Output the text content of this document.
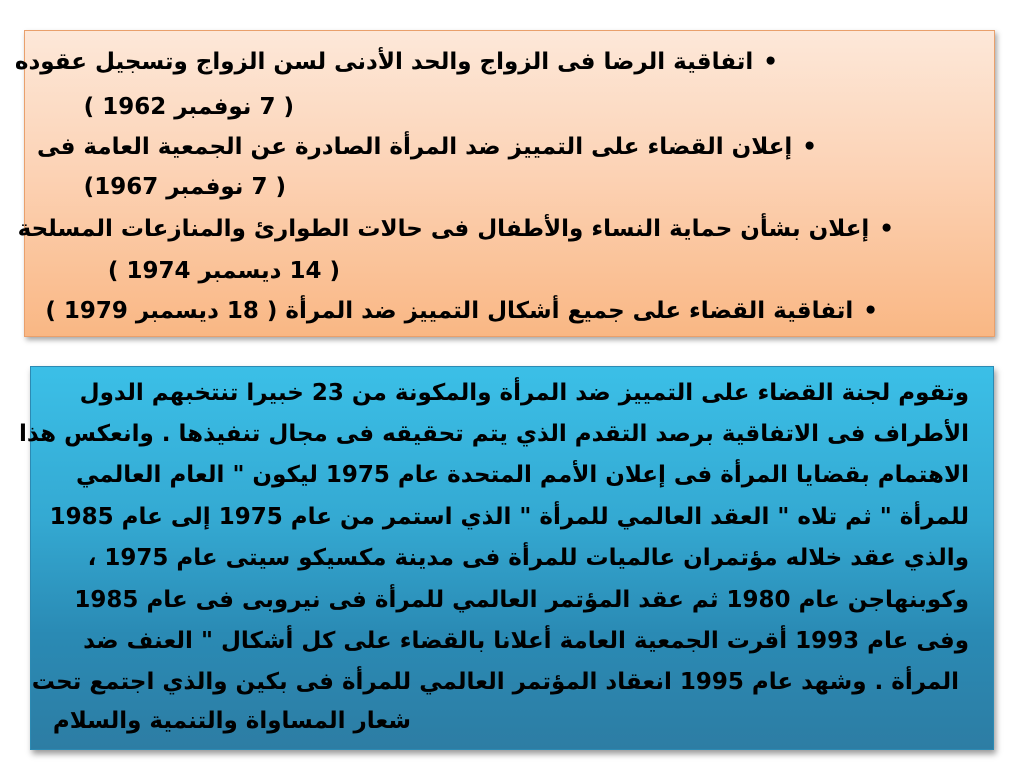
•اتفاقية الرضا فى الزواج والحد الأدنى لسن الزواج وتسجيل عقوده
( 7 نوفمبر 1962 )
•إعلان القضاء على التمييز ضد المرأة الصادرة عن الجمعية العامة فى
( 7 نوفمبر 1967)
•إعلان بشأن حماية النساء والأطفال فى حالات الطوارئ والمنازعات المسلحة
( 14 ديسمبر 1974 )
•اتفاقية القضاء على جميع أشكال التمييز ضد المرأة ( 18 ديسمبر 1979 )
وتقوم لجنة القضاء على التمييز ضد المرأة والمكونة من 23 خبيرا تنتخبهم الدول
الأطراف فى الاتفاقية برصد التقدم الذي يتم تحقيقه فى مجال تنفيذها . وانعكس هذا
الاهتمام بقضايا المرأة فى إعلان الأمم المتحدة عام 1975 ليكون " العام العالمي
للمرأة " ثم تلاه " العقد العالمي للمرأة " الذي استمر من عام 1975 إلى عام 1985
والذي عقد خلاله مؤتمران عالميات للمرأة فى مدينة مكسيكو سيتى عام 1975 ،
وكوبنهاجن عام 1980 ثم عقد المؤتمر العالمي للمرأة فى نيروبى فى عام 1985
وفى عام 1993 أقرت الجمعية العامة أعلانا بالقضاء على كل أشكال " العنف ضد
المرأة . وشهد عام 1995 انعقاد المؤتمر العالمي للمرأة فى بكين والذي اجتمع تحت
شعار المساواة والتنمية والسلام
